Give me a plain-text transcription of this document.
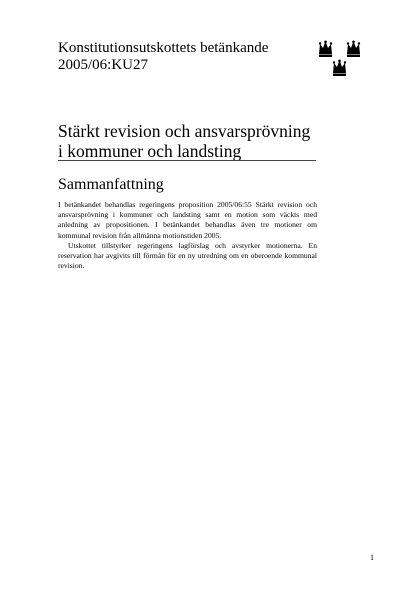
Konstitutionsutskottets betänkande
2005/06:KU27
Stärkt revision och ansvarsprövning i kommuner och landsting
Sammanfattning

I betänkandet behandlas regeringens proposition 2005/06:55 Stärkt revision och ansvarsprövning i kommuner och landsting samt en motion som väckts med anledning av propositionen. I betänkandet behandlas även tre motioner om kommunal revision från allmänna motionstiden 2005.

Utskottet tillstyrker regeringens lagförslag och avstyrker motionerna. En reservation har avgivits till förmån för en ny utredning om en oberoende kommunal revision.

1
